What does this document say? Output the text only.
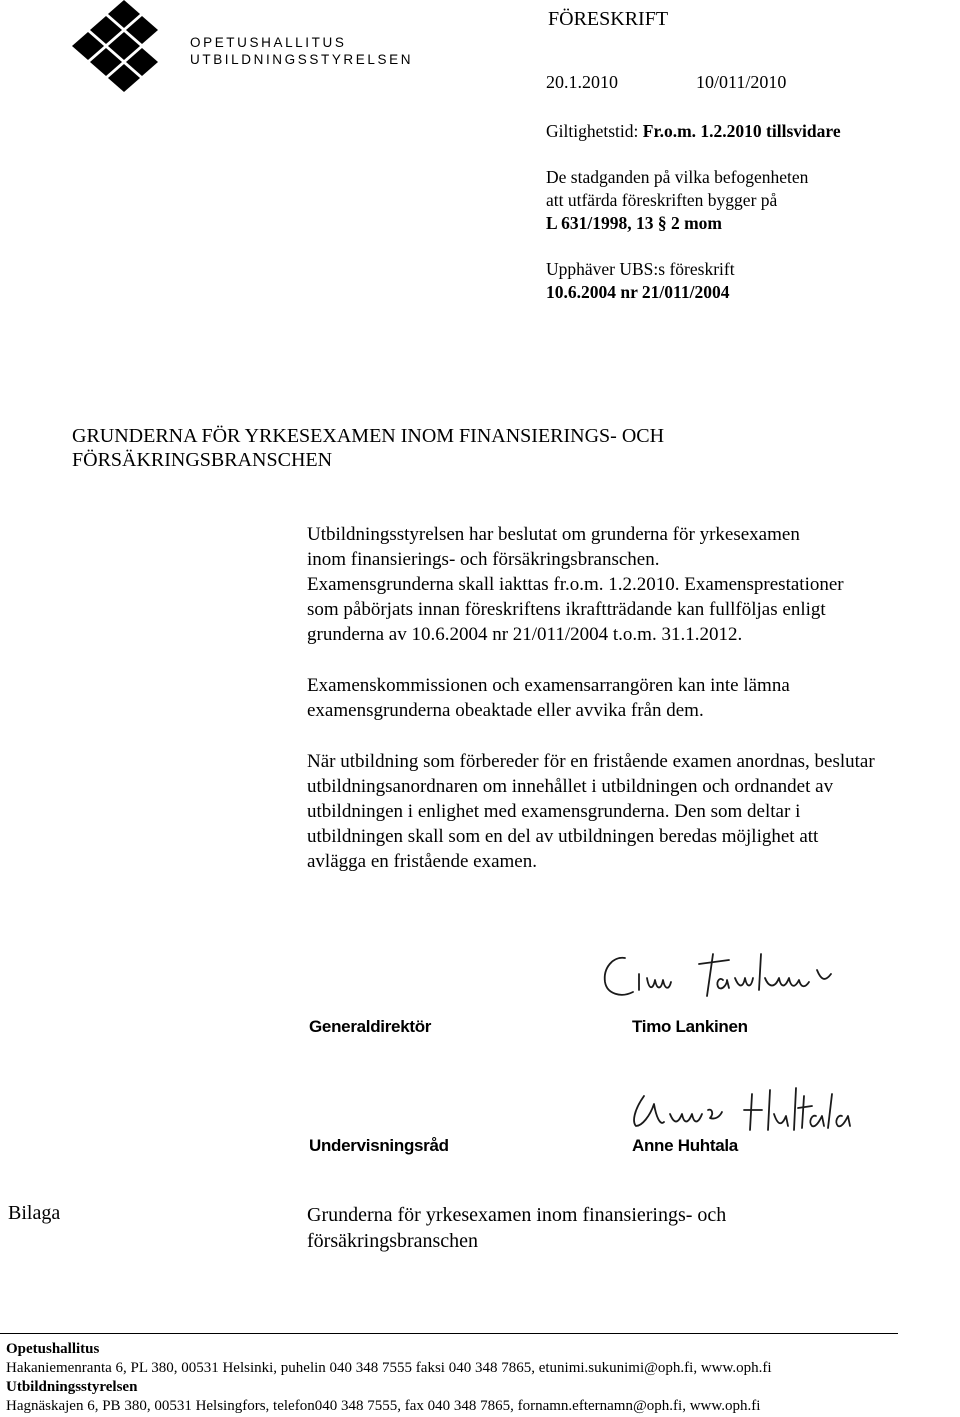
OPETUSHALLITUS
UTBILDNINGSSTYRELSEN
FÖRESKRIFT
20.1.2010	10/011/2010
Giltighetstid: Fr.o.m. 1.2.2010 tillsvidare
De stadganden på vilka befogenheten
att utfärda föreskriften bygger på
L 631/1998, 13 § 2 mom
Upphäver UBS:s föreskrift
10.6.2004 nr 21/011/2004
GRUNDERNA FÖR YRKESEXAMEN INOM FINANSIERINGS- OCH
FÖRSÄKRINGSBRANSCHEN

Utbildningsstyrelsen har beslutat om grunderna för yrkesexamen

inom finansierings- och försäkringsbranschen.

Examensgrunderna skall iakttas fr.o.m. 1.2.2010. Examensprestationer

som påbörjats innan föreskriftens ikraftträdande kan fullföljas enligt

grunderna av 10.6.2004 nr 21/011/2004 t.o.m. 31.1.2012.

Examenskommissionen och examensarrangören kan inte lämna

examensgrunderna obeaktade eller avvika från dem.

När utbildning som förbereder för en fristående examen anordnas, beslutar

utbildningsanordnaren om innehållet i utbildningen och ordnandet av

utbildningen i enlighet med examensgrunderna. Den som deltar i

utbildningen skall som en del av utbildningen beredas möjlighet att

avlägga en fristående examen.

Generaldirektör	Timo Lankinen
Undervisningsråd	Anne Huhtala
Bilaga	Grunderna för yrkesexamen inom finansierings- och
försäkringsbranschen
Opetushallitus
Hakaniemenranta 6, PL 380, 00531 Helsinki, puhelin 040 348 7555 faksi 040 348 7865, etunimi.sukunimi@oph.fi, www.oph.fi
Utbildningsstyrelsen
Hagnäskajen 6, PB 380, 00531 Helsingfors, telefon040 348 7555, fax 040 348 7865, fornamn.efternamn@oph.fi, www.oph.fi
